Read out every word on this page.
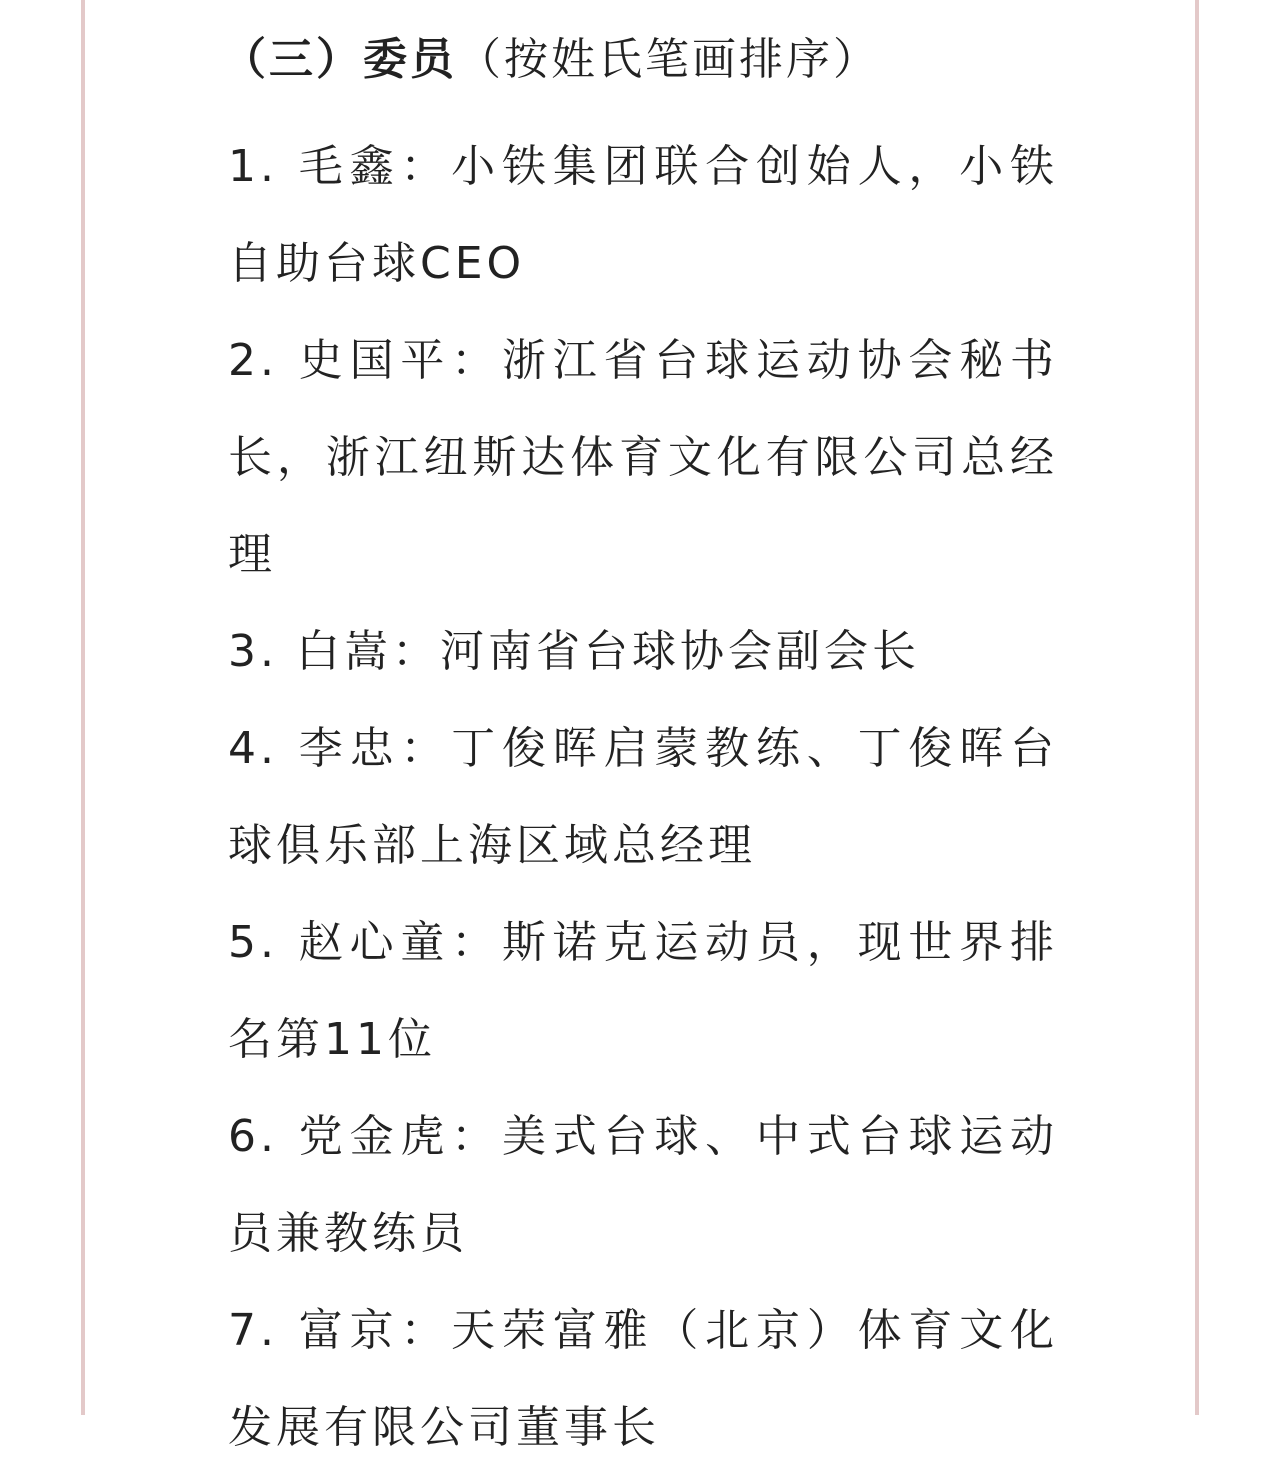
（三）委员（按姓氏笔画排序）
1. 毛鑫：小铁集团联合创始人，小铁自助台球CEO
2. 史国平：浙江省台球运动协会秘书长，浙江纽斯达体育文化有限公司总经理
3. 白嵩：河南省台球协会副会长
4. 李忠：丁俊晖启蒙教练、丁俊晖台球俱乐部上海区域总经理
5. 赵心童：斯诺克运动员，现世界排名第11位
6. 党金虎：美式台球、中式台球运动员兼教练员
7. 富京：天荣富雅（北京）体育文化发展有限公司董事长
